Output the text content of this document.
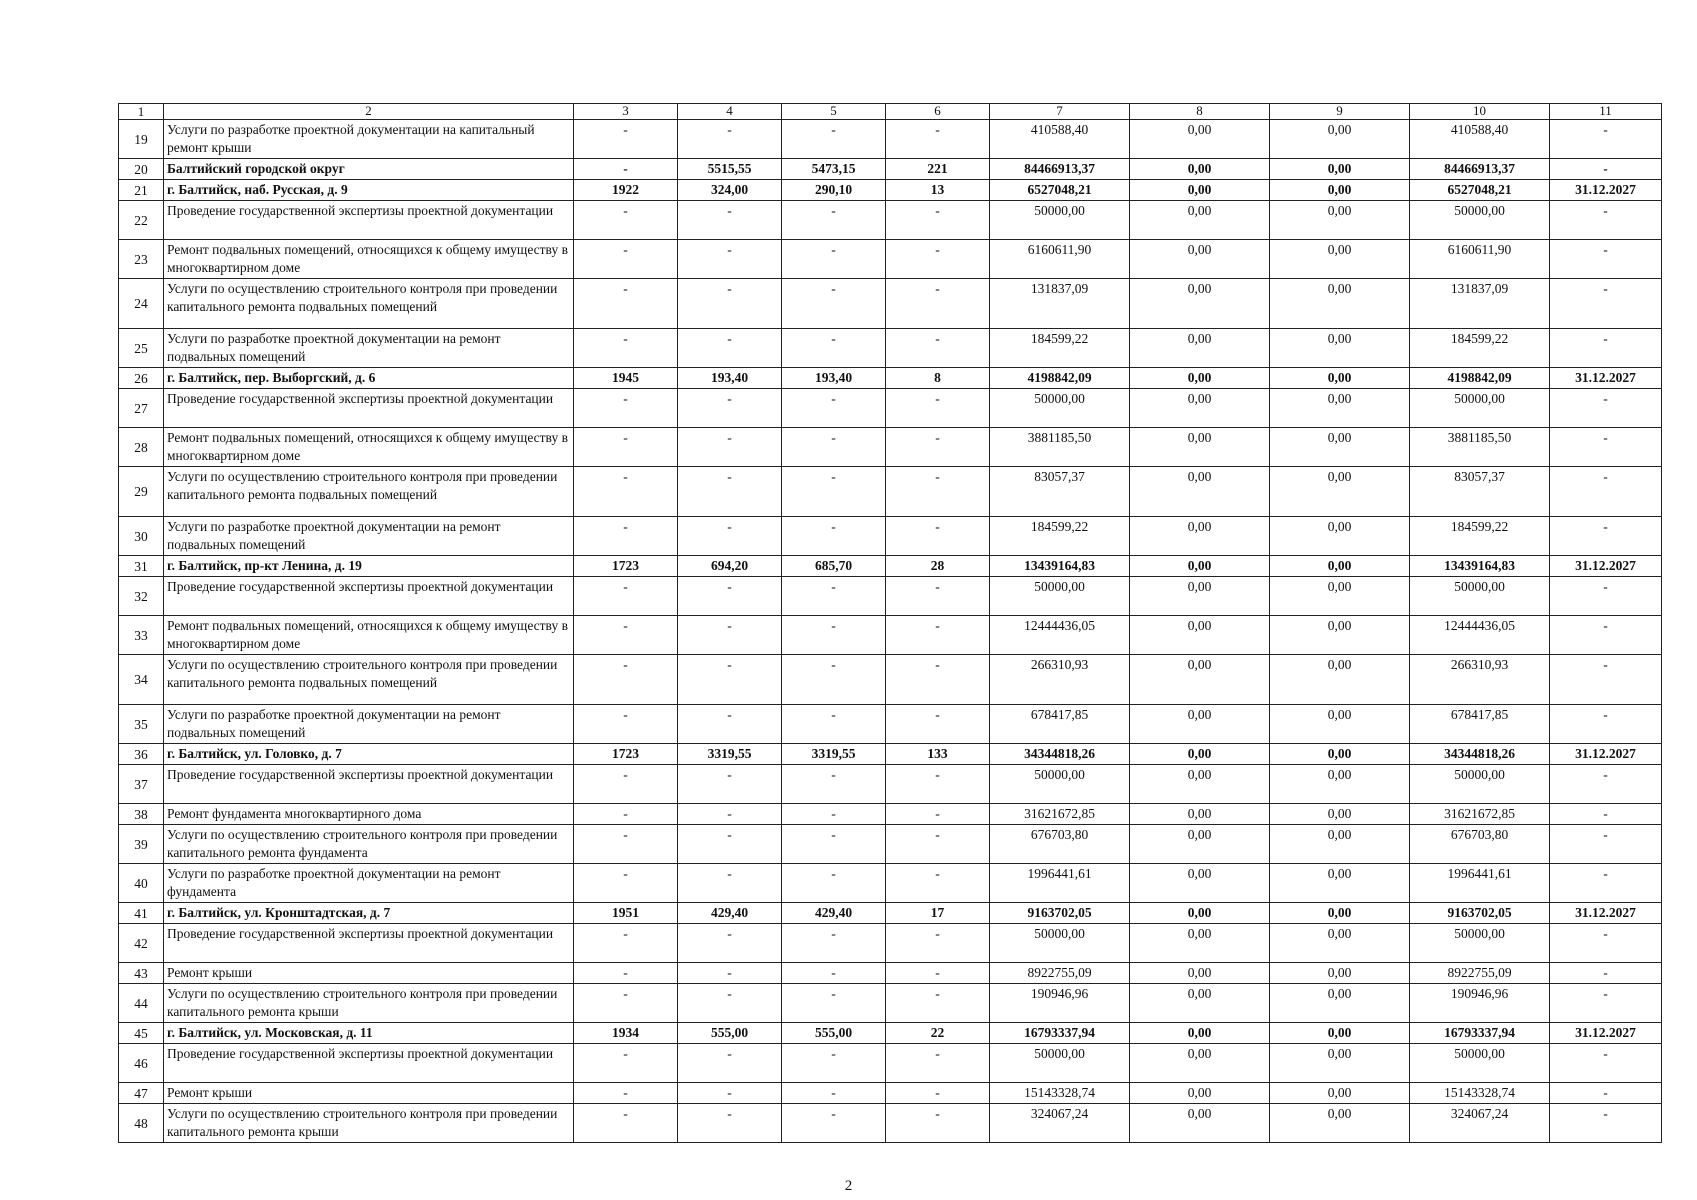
1	2	3	4	5	6	7	8	9	10	11
19	Услуги по разработке проектной документации на капитальный ремонт крыши	-	-	-	-	410588,40	0,00	0,00	410588,40	-
20	Балтийский городской округ	-	5515,55	5473,15	221	84466913,37	0,00	0,00	84466913,37	-
21	г. Балтийск, наб. Русская, д. 9	1922	324,00	290,10	13	6527048,21	0,00	0,00	6527048,21	31.12.2027
22	Проведение государственной экспертизы проектной документации	-	-	-	-	50000,00	0,00	0,00	50000,00	-
23	Ремонт подвальных помещений, относящихся к общему имуществу в многоквартирном доме	-	-	-	-	6160611,90	0,00	0,00	6160611,90	-
24	Услуги по осуществлению строительного контроля при проведении капитального ремонта подвальных помещений	-	-	-	-	131837,09	0,00	0,00	131837,09	-
25	Услуги по разработке проектной документации на ремонт подвальных помещений	-	-	-	-	184599,22	0,00	0,00	184599,22	-
26	г. Балтийск, пер. Выборгский, д. 6	1945	193,40	193,40	8	4198842,09	0,00	0,00	4198842,09	31.12.2027
27	Проведение государственной экспертизы проектной документации	-	-	-	-	50000,00	0,00	0,00	50000,00	-
28	Ремонт подвальных помещений, относящихся к общему имуществу в многоквартирном доме	-	-	-	-	3881185,50	0,00	0,00	3881185,50	-
29	Услуги по осуществлению строительного контроля при проведении капитального ремонта подвальных помещений	-	-	-	-	83057,37	0,00	0,00	83057,37	-
30	Услуги по разработке проектной документации на ремонт подвальных помещений	-	-	-	-	184599,22	0,00	0,00	184599,22	-
31	г. Балтийск, пр-кт Ленина, д. 19	1723	694,20	685,70	28	13439164,83	0,00	0,00	13439164,83	31.12.2027
32	Проведение государственной экспертизы проектной документации	-	-	-	-	50000,00	0,00	0,00	50000,00	-
33	Ремонт подвальных помещений, относящихся к общему имуществу в многоквартирном доме	-	-	-	-	12444436,05	0,00	0,00	12444436,05	-
34	Услуги по осуществлению строительного контроля при проведении капитального ремонта подвальных помещений	-	-	-	-	266310,93	0,00	0,00	266310,93	-
35	Услуги по разработке проектной документации на ремонт подвальных помещений	-	-	-	-	678417,85	0,00	0,00	678417,85	-
36	г. Балтийск, ул. Головко, д. 7	1723	3319,55	3319,55	133	34344818,26	0,00	0,00	34344818,26	31.12.2027
37	Проведение государственной экспертизы проектной документации	-	-	-	-	50000,00	0,00	0,00	50000,00	-
38	Ремонт фундамента многоквартирного дома	-	-	-	-	31621672,85	0,00	0,00	31621672,85	-
39	Услуги по осуществлению строительного контроля при проведении капитального ремонта фундамента	-	-	-	-	676703,80	0,00	0,00	676703,80	-
40	Услуги по разработке проектной документации на ремонт фундамента	-	-	-	-	1996441,61	0,00	0,00	1996441,61	-
41	г. Балтийск, ул. Кронштадтская, д. 7	1951	429,40	429,40	17	9163702,05	0,00	0,00	9163702,05	31.12.2027
42	Проведение государственной экспертизы проектной документации	-	-	-	-	50000,00	0,00	0,00	50000,00	-
43	Ремонт крыши	-	-	-	-	8922755,09	0,00	0,00	8922755,09	-
44	Услуги по осуществлению строительного контроля при проведении капитального ремонта крыши	-	-	-	-	190946,96	0,00	0,00	190946,96	-
45	г. Балтийск, ул. Московская, д. 11	1934	555,00	555,00	22	16793337,94	0,00	0,00	16793337,94	31.12.2027
46	Проведение государственной экспертизы проектной документации	-	-	-	-	50000,00	0,00	0,00	50000,00	-
47	Ремонт крыши	-	-	-	-	15143328,74	0,00	0,00	15143328,74	-
48	Услуги по осуществлению строительного контроля при проведении капитального ремонта крыши	-	-	-	-	324067,24	0,00	0,00	324067,24	-
2
